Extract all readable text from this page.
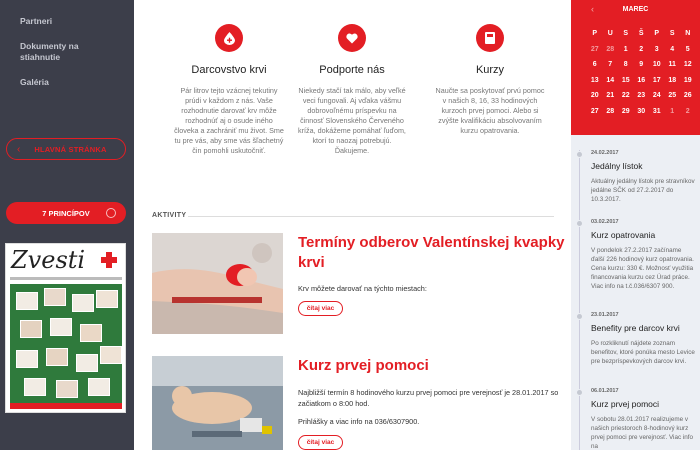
Partneri
Dokumenty na stiahnutie
Galéria
‹ HLAVNÁ STRÁNKA
7 PRINCÍPOV
Zvesti
Darcovstvo krvi
Pár litrov tejto vzácnej tekutiny prúdi v každom z nás. Vaše rozhodnutie darovať krv môže rozhodnúť aj o osude iného človeka a zachrániť mu život. Sme tu pre vás, aby sme vás šľachetný čin pomohli uskutočniť.
Podporte nás
Niekedy stačí tak málo, aby veľké veci fungovali. Aj vďaka vášmu dobrovoľnému príspevku na činnosť Slovenského Červeného kríža, dokážeme pomáhať ľuďom, ktorí to naozaj potrebujú. Ďakujeme.
Kurzy
Naučte sa poskytovať prvú pomoc v našich 8, 16, 33 hodinových kurzoch prvej pomoci. Alebo si zvýšte kvalifikáciu absolvovaním kurzu opatrovania.
AKTIVITY
Termíny odberov Valentínskej kvapky krvi
Krv môžete darovať na týchto miestach:
čítaj viac
Kurz prvej pomoci
Najbližší termín 8 hodinového kurzu prvej pomoci pre verejnosť je 28.01.2017 so začiatkom o 8:00 hod.
Prihlášky a viac info na 036/6307900.
čítaj viac
‹	MAREC
P	U	S	Š	P	S	N
27	28	1	2	3	4	5
6	7	8	9	10	11	12
13	14	15	16	17	18	19
20	21	22	23	24	25	26
27	28	29	30	31	1	2
24.02.2017
Jedálny lístok
Aktuálny jedálny lístok pre stravníkov jedálne SČK od 27.2.2017 do 10.3.2017.
03.02.2017
Kurz opatrovania
V pondelok 27.2.2017 začíname ďalší 226 hodinový kurz opatrovania. Cena kurzu: 330 €. Možnosť využitia financovania kurzu cez Úrad práce. Viac info na t.č.036/6307 900.
23.01.2017
Benefity pre darcov krvi
Po rozkliknutí nájdete zoznam benefitov, ktoré ponúka mesto Levice pre bezpríspevkových darcov krvi.
06.01.2017
Kurz prvej pomoci
V sobotu 28.01.2017 realizujeme v našich priestoroch 8-hodinový kurz prvej pomoci pre verejnosť. Viac info na
